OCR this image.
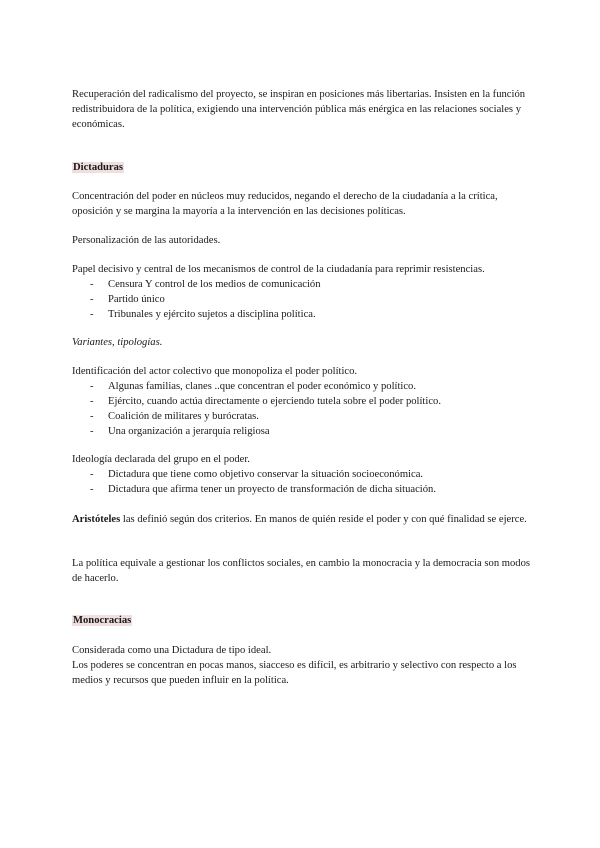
Recuperación del radicalismo del proyecto, se inspiran en posiciones más libertarias. Insisten en la función redistribuidora de la política, exigiendo una intervención pública más enérgica en las relaciones sociales y económicas.
Dictaduras
Concentración del poder en núcleos muy reducidos, negando el derecho de la ciudadanía a la crítica, oposición y se margina la mayoría a la intervención en las decisiones políticas.
Personalización de las autoridades.
Papel decisivo y central de los mecanismos de control de la ciudadanía para reprimir resistencias.
- Censura Y control de los medios de comunicación
- Partido único
- Tribunales y ejército sujetos a disciplina política.
Variantes, tipologías.
Identificación del actor colectivo que monopoliza el poder político.
- Algunas familias, clanes ..que concentran el poder económico y político.
- Ejército, cuando actúa directamente o ejerciendo tutela sobre el poder político.
- Coalición de militares y burócratas.
- Una organización a jerarquía religiosa
Ideología declarada del grupo en el poder.
- Dictadura que tiene como objetivo conservar la situación socioeconómica.
- Dictadura que afirma tener un proyecto de transformación de dicha situación.
Aristóteles las definió según dos criterios. En manos de quién reside el poder y con qué finalidad se ejerce.
La política equivale a gestionar los conflictos sociales, en cambio la monocracia y la democracia son modos de hacerlo.
Monocracias
Considerada como una Dictadura de tipo ideal.
Los poderes se concentran en pocas manos, siacceso es difícil, es arbitrario y selectivo con respecto a los medios y recursos que pueden influir en la política.
